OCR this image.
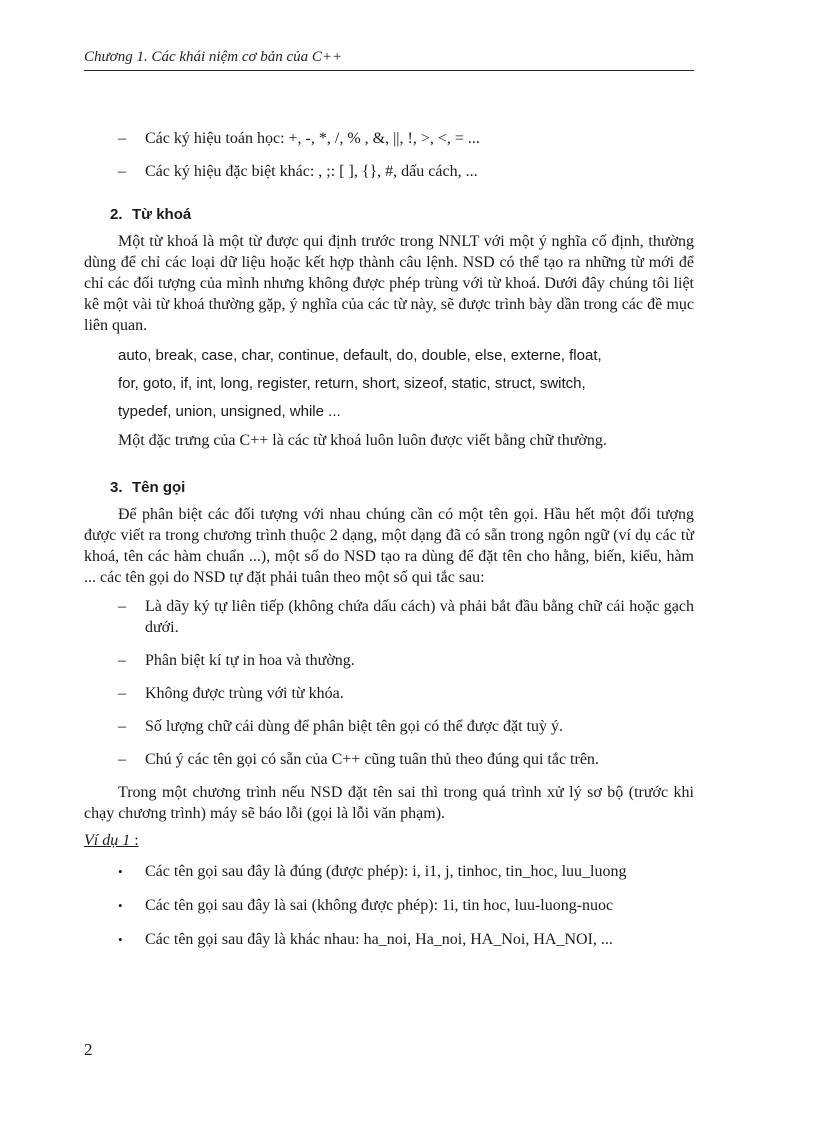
Chương 1. Các khái niệm cơ bản của C++
– Các ký hiệu toán học: +, -, *, /, % , &, ||, !, >, <, = ...
– Các ký hiệu đặc biệt khác: , ;: [ ], {}, #, dấu cách, ...
2. Từ khoá

Một từ khoá là một từ được qui định trước trong NNLT với một ý nghĩa cố định, thường dùng để chỉ các loại dữ liệu hoặc kết hợp thành câu lệnh. NSD có thể tạo ra những từ mới để chỉ các đối tượng của mình nhưng không được phép trùng với từ khoá. Dưới đây chúng tôi liệt kê một vài từ khoá thường gặp, ý nghĩa của các từ này, sẽ được trình bày dần trong các đề mục liên quan.

auto, break, case, char, continue, default, do, double, else, externe, float,

for, goto, if, int, long, register, return, short, sizeof, static, struct, switch,

typedef, union, unsigned, while ...

Một đặc trưng của C++ là các từ khoá luôn luôn được viết bằng chữ thường.

3. Tên gọi

Để phân biệt các đối tượng với nhau chúng cần có một tên gọi. Hầu hết một đối tượng được viết ra trong chương trình thuộc 2 dạng, một dạng đã có sẵn trong ngôn ngữ (ví dụ các từ khoá, tên các hàm chuẩn ...), một số do NSD tạo ra dùng để đặt tên cho hằng, biến, kiểu, hàm ... các tên gọi do NSD tự đặt phải tuân theo một số qui tắc sau:

– Là dãy ký tự liên tiếp (không chứa dấu cách) và phải bắt đầu bằng chữ cái hoặc gạch dưới.
– Phân biệt kí tự in hoa và thường.
– Không được trùng với từ khóa.
– Số lượng chữ cái dùng để phân biệt tên gọi có thể được đặt tuỳ ý.
– Chú ý các tên gọi có sẵn của C++ cũng tuân thủ theo đúng qui tắc trên.

Trong một chương trình nếu NSD đặt tên sai thì trong quá trình xử lý sơ bộ (trước khi chạy chương trình) máy sẽ báo lỗi (gọi là lỗi văn phạm).

Ví dụ 1 :

• Các tên gọi sau đây là đúng (được phép): i, i1, j, tinhoc, tin_hoc, luu_luong
• Các tên gọi sau đây là sai (không được phép): 1i, tin hoc, luu-luong-nuoc
• Các tên gọi sau đây là khác nhau: ha_noi, Ha_noi, HA_Noi, HA_NOI, ...
2
